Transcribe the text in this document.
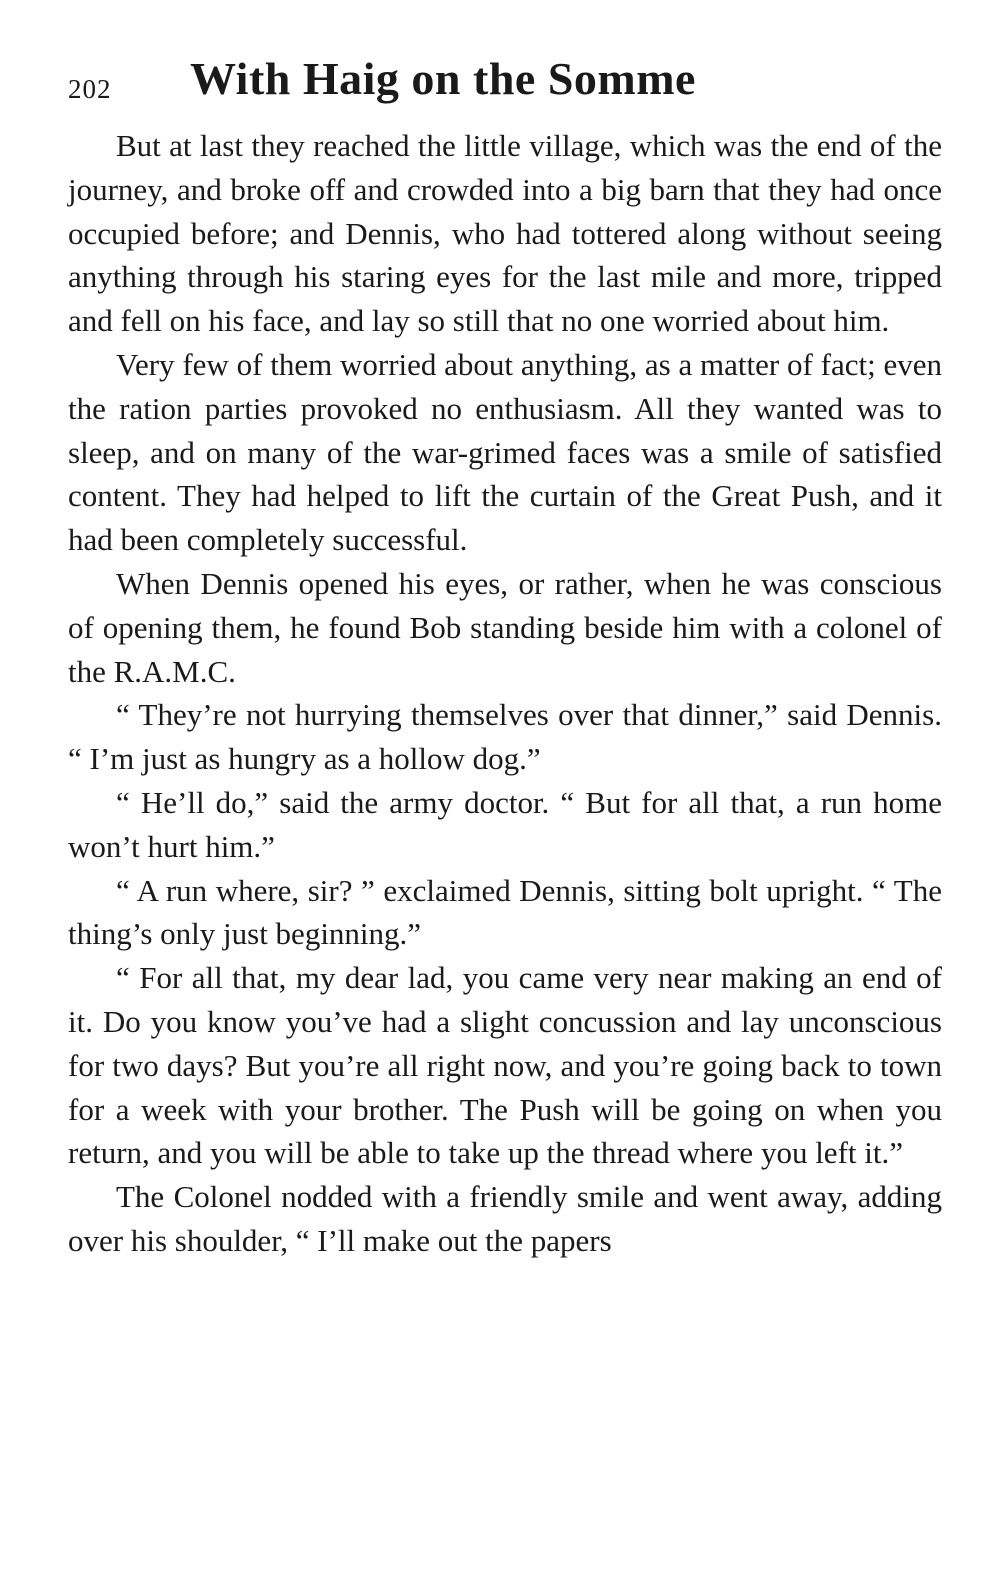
202 With Haig on the Somme

But at last they reached the little village, which was the end of the journey, and broke off and crowded into a big barn that they had once occupied before; and Dennis, who had tottered along without seeing anything through his staring eyes for the last mile and more, tripped and fell on his face, and lay so still that no one worried about him.

Very few of them worried about anything, as a matter of fact; even the ration parties provoked no enthusiasm. All they wanted was to sleep, and on many of the war-grimed faces was a smile of satisfied content. They had helped to lift the curtain of the Great Push, and it had been completely successful.

When Dennis opened his eyes, or rather, when he was conscious of opening them, he found Bob standing beside him with a colonel of the R.A.M.C.

“ They’re not hurrying themselves over that dinner,” said Dennis. “ I’m just as hungry as a hollow dog.”

“ He’ll do,” said the army doctor. “ But for all that, a run home won’t hurt him.”

“ A run where, sir? ” exclaimed Dennis, sitting bolt upright. “ The thing’s only just beginning.”

“ For all that, my dear lad, you came very near making an end of it. Do you know you’ve had a slight concussion and lay unconscious for two days? But you’re all right now, and you’re going back to town for a week with your brother. The Push will be going on when you return, and you will be able to take up the thread where you left it.”

The Colonel nodded with a friendly smile and went away, adding over his shoulder, “ I’ll make out the papers
